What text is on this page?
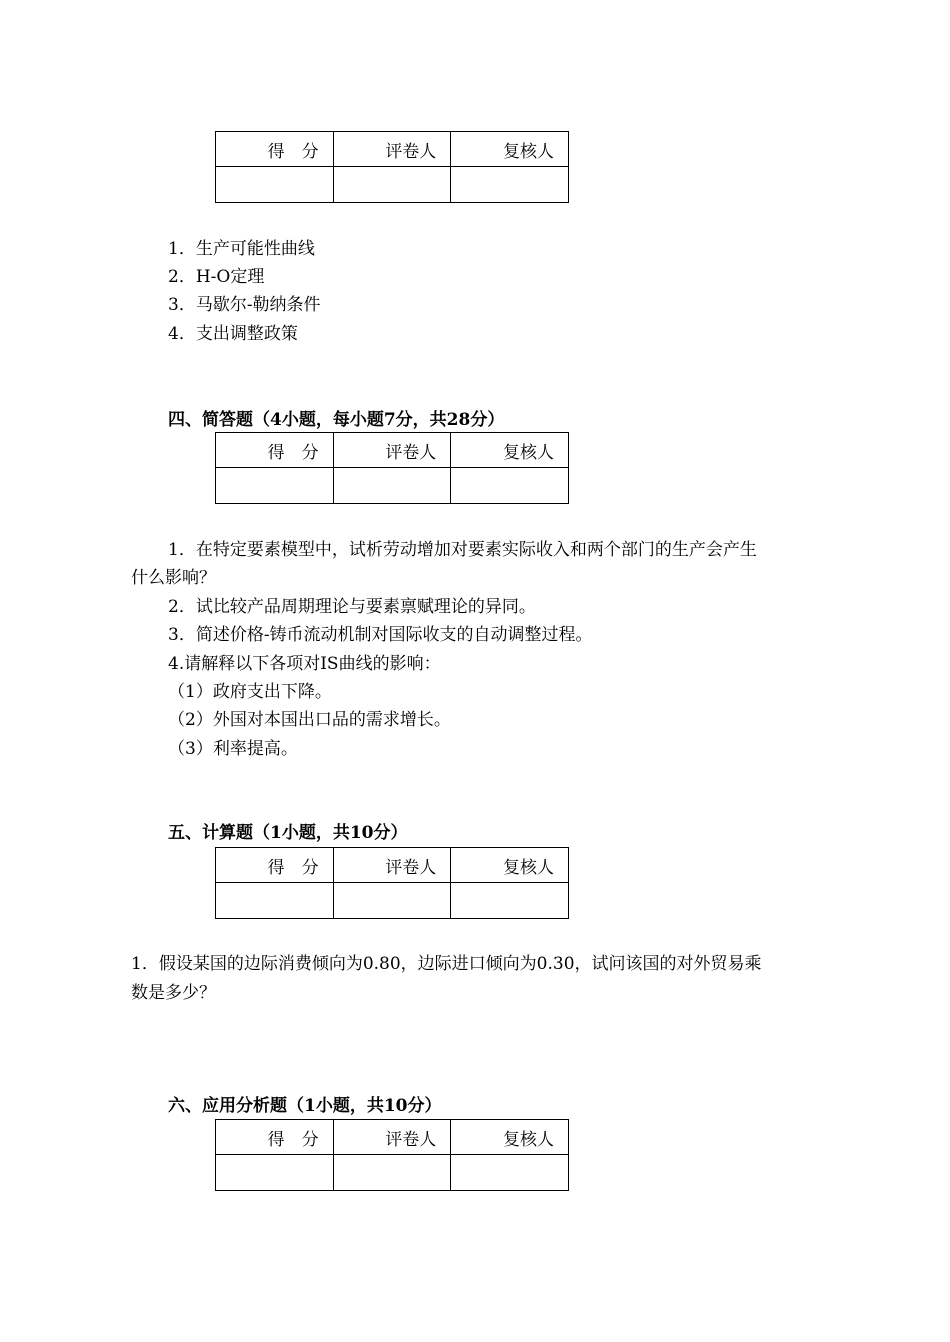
得　分	评卷人	复核人

1．生产可能性曲线
2．H-O定理
3．马歇尔-勒纳条件
4．支出调整政策
四、简答题（4小题，每小题7分，共28分）
得　分	评卷人	复核人

1．在特定要素模型中，试析劳动增加对要素实际收入和两个部门的生产会产生
什么影响？
2．试比较产品周期理论与要素禀赋理论的异同。
3．简述价格-铸币流动机制对国际收支的自动调整过程。
4.请解释以下各项对IS曲线的影响：
（1）政府支出下降。
（2）外国对本国出口品的需求增长。
（3）利率提高。
五、计算题（1小题，共10分）
得　分	评卷人	复核人

1．假设某国的边际消费倾向为0.80，边际进口倾向为0.30，试问该国的对外贸易乘
数是多少？
六、应用分析题（1小题，共10分）
得　分	评卷人	复核人
